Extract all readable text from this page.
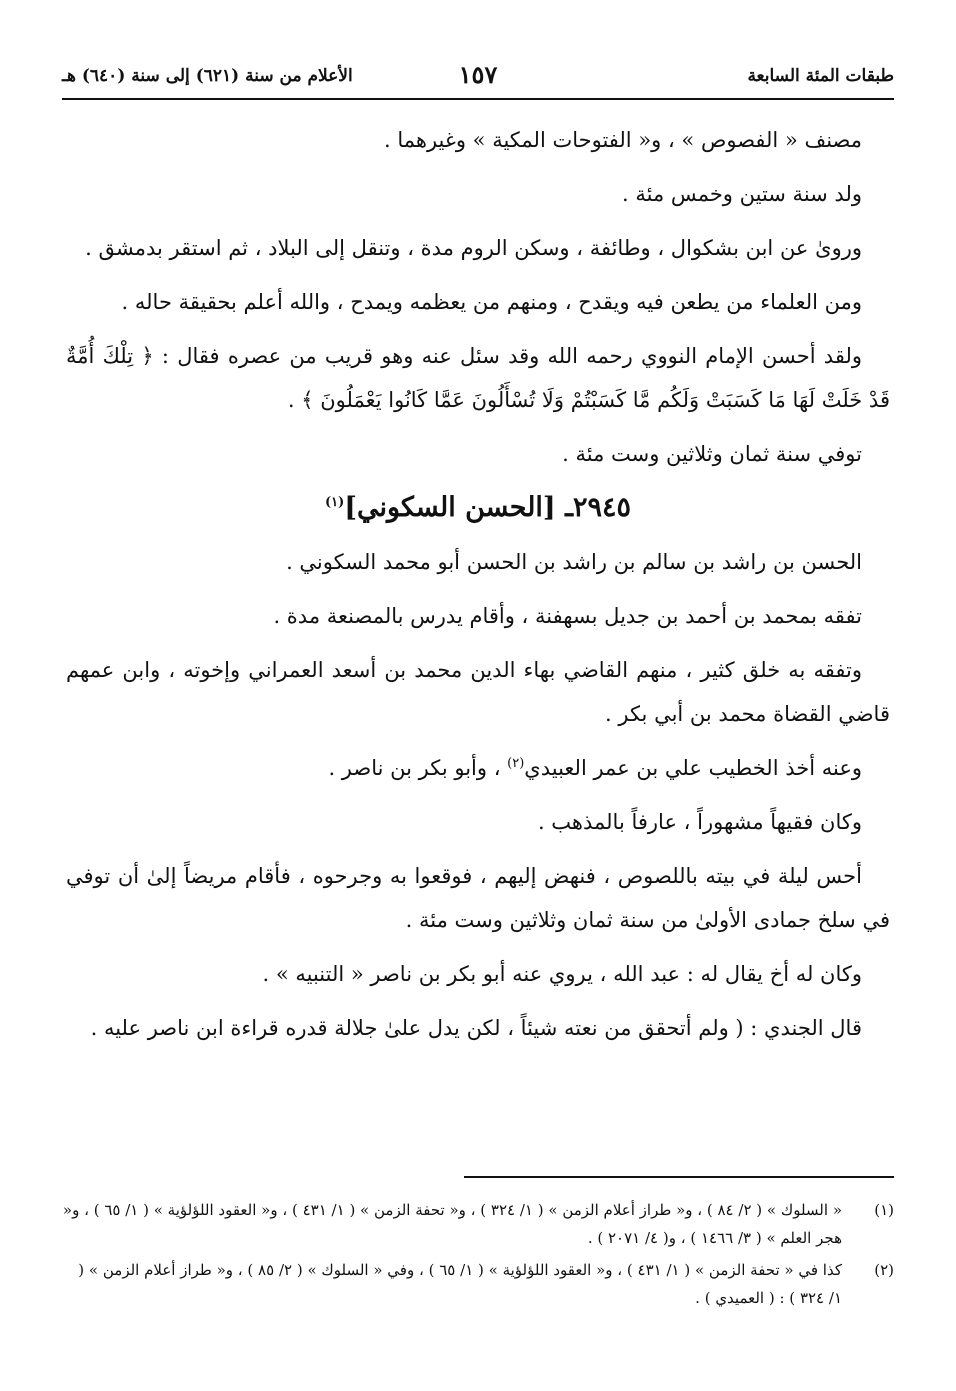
طبقات المئة السابعة
١٥٧
الأعلام من سنة (٦٢١) إلى سنة (٦٤٠) هـ

مصنف « الفصوص » ، و« الفتوحات المكية » وغيرهما .

ولد سنة ستين وخمس مئة .

وروىٰ عن ابن بشكوال ، وطائفة ، وسكن الروم مدة ، وتنقل إلى البلاد ، ثم استقر بدمشق .

ومن العلماء من يطعن فيه ويقدح ، ومنهم من يعظمه ويمدح ، والله أعلم بحقيقة حاله .

ولقد أحسن الإمام النووي رحمه الله وقد سئل عنه وهو قريب من عصره فقال : ﴿ تِلْكَ أُمَّةٌ قَدْ خَلَتْ لَهَا مَا كَسَبَتْ وَلَكُم مَّا كَسَبْتُمْ وَلَا تُسْأَلُونَ عَمَّا كَانُوا يَعْمَلُونَ ﴾ .

توفي سنة ثمان وثلاثين وست مئة .

٢٩٤٥ـ [الحسن السكوني]$^{(١)}$

الحسن بن راشد بن سالم بن راشد بن الحسن أبو محمد السكوني .

تفقه بمحمد بن أحمد بن جديل بسهفنة ، وأقام يدرس بالمصنعة مدة .

وتفقه به خلق كثير ، منهم القاضي بهاء الدين محمد بن أسعد العمراني وإخوته ، وابن عمهم قاضي القضاة محمد بن أبي بكر .

وعنه أخذ الخطيب علي بن عمر العبيدي$^{(٢)}$ ، وأبو بكر بن ناصر .

وكان فقيهاً مشهوراً ، عارفاً بالمذهب .

أحس ليلة في بيته باللصوص ، فنهض إليهم ، فوقعوا به وجرحوه ، فأقام مريضاً إلىٰ أن توفي في سلخ جمادى الأولىٰ من سنة ثمان وثلاثين وست مئة .

وكان له أخ يقال له : عبد الله ، يروي عنه أبو بكر بن ناصر « التنبيه » .

قال الجندي : ( ولم أتحقق من نعته شيئاً ، لكن يدل علىٰ جلالة قدره قراءة ابن ناصر عليه .

(١)
« السلوك » ( ٢/ ٨٤ ) ، و« طراز أعلام الزمن » ( ١/ ٣٢٤ ) ، و« تحفة الزمن » ( ١/ ٤٣١ ) ، و« العقود اللؤلؤية » ( ١/ ٦٥ ) ، و« هجر العلم » ( ٣/ ١٤٦٦ ) ، و( ٤/ ٢٠٧١ ) .
(٢)
كذا في « تحفة الزمن » ( ١/ ٤٣١ ) ، و« العقود اللؤلؤية » ( ١/ ٦٥ ) ، وفي « السلوك » ( ٢/ ٨٥ ) ، و« طراز أعلام الزمن » ( ١/ ٣٢٤ ) : ( العميدي ) .
